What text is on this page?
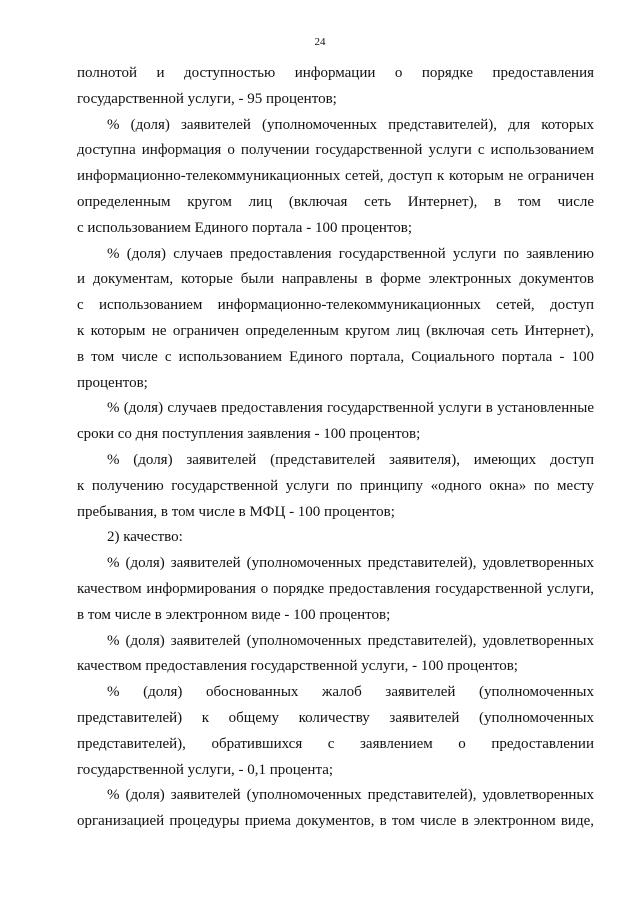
24
полнотой и доступностью информации о порядке предоставления
государственной услуги, - 95 процентов;
% (доля) заявителей (уполномоченных представителей), для которых
доступна информация о получении государственной услуги с использованием
информационно-телекоммуникационных сетей, доступ к которым не ограничен
определенным кругом лиц (включая сеть Интернет), в том числе
с использованием Единого портала - 100 процентов;
% (доля) случаев предоставления государственной услуги по заявлению
и документам, которые были направлены в форме электронных документов
с использованием информационно-телекоммуникационных сетей, доступ
к которым не ограничен определенным кругом лиц (включая сеть Интернет),
в том числе с использованием Единого портала, Социального портала - 100
процентов;
% (доля) случаев предоставления государственной услуги в установленные
сроки со дня поступления заявления - 100 процентов;
% (доля) заявителей (представителей заявителя), имеющих доступ
к получению государственной услуги по принципу «одного окна» по месту
пребывания, в том числе в МФЦ - 100 процентов;
2) качество:
% (доля) заявителей (уполномоченных представителей), удовлетворенных
качеством информирования о порядке предоставления государственной услуги,
в том числе в электронном виде - 100 процентов;
% (доля) заявителей (уполномоченных представителей), удовлетворенных
качеством предоставления государственной услуги, - 100 процентов;
% (доля) обоснованных жалоб заявителей (уполномоченных
представителей) к общему количеству заявителей (уполномоченных
представителей), обратившихся с заявлением о предоставлении
государственной услуги, - 0,1 процента;
% (доля) заявителей (уполномоченных представителей), удовлетворенных
организацией процедуры приема документов, в том числе в электронном виде,
